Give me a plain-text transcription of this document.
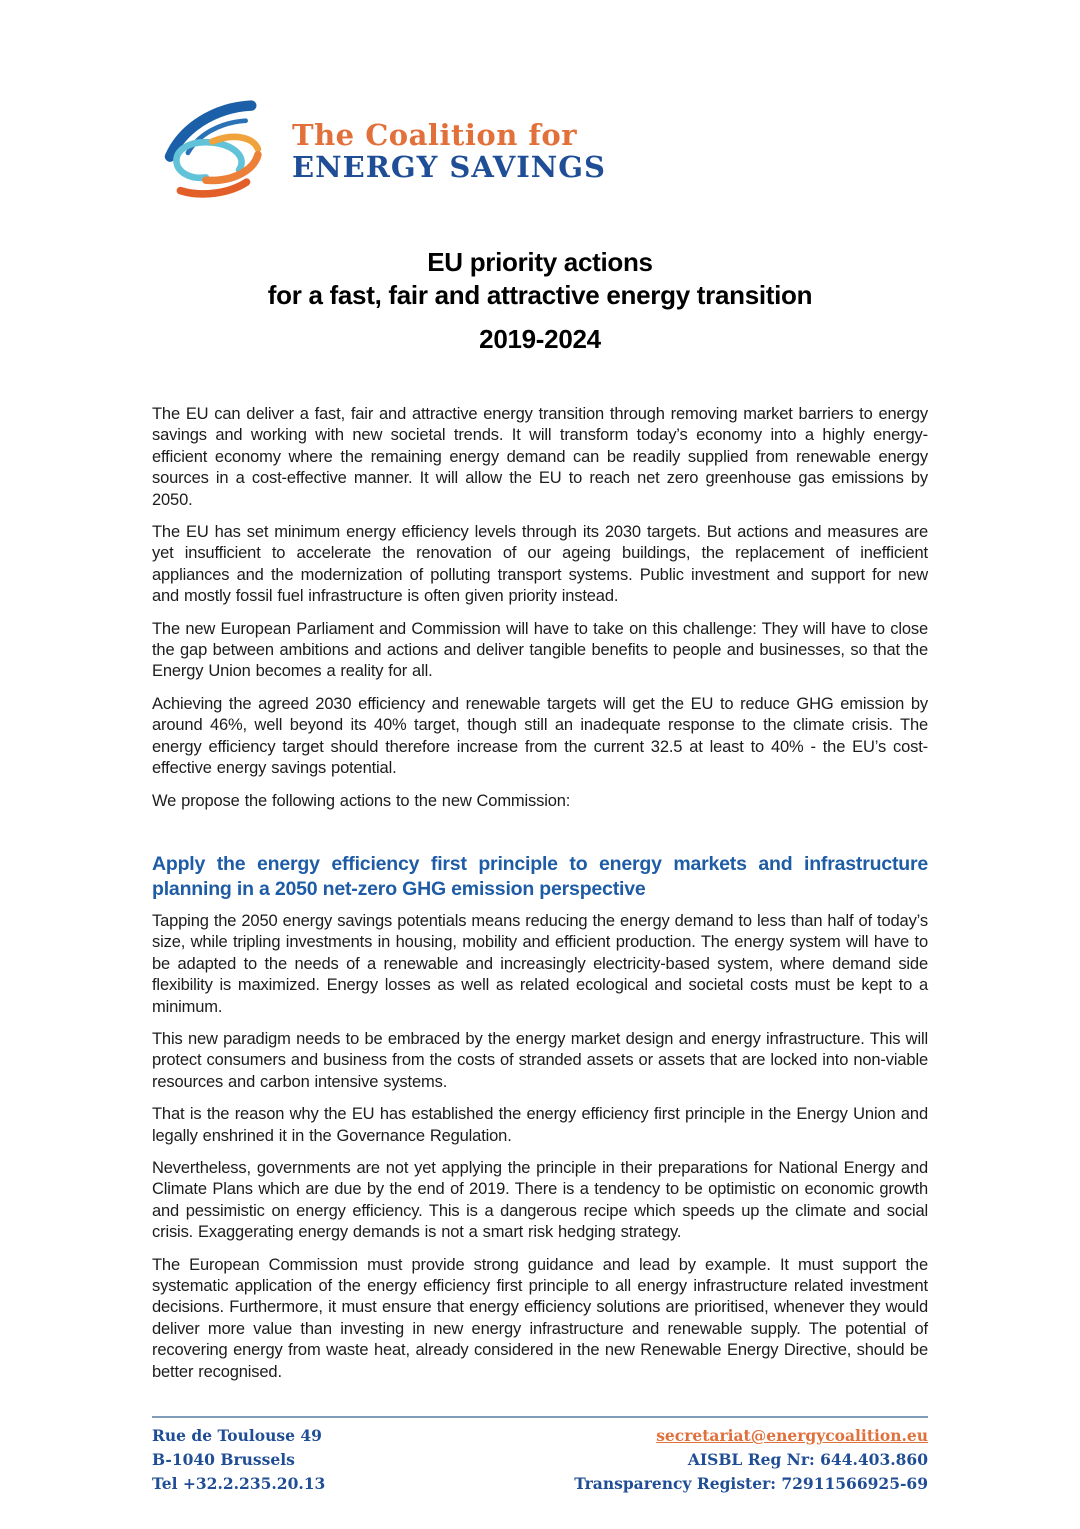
The Coalition for
ENERGY SAVINGS
EU priority actions
for a fast, fair and attractive energy transition
2019-2024

The EU can deliver a fast, fair and attractive energy transition through removing market barriers to energy savings and working with new societal trends. It will transform today’s economy into a highly energy-efficient economy where the remaining energy demand can be readily supplied from renewable energy sources in a cost-effective manner. It will allow the EU to reach net zero greenhouse gas emissions by 2050.

The EU has set minimum energy efficiency levels through its 2030 targets. But actions and measures are yet insufficient to accelerate the renovation of our ageing buildings, the replacement of inefficient appliances and the modernization of polluting transport systems. Public investment and support for new and mostly fossil fuel infrastructure is often given priority instead.

The new European Parliament and Commission will have to take on this challenge: They will have to close the gap between ambitions and actions and deliver tangible benefits to people and businesses, so that the Energy Union becomes a reality for all.

Achieving the agreed 2030 efficiency and renewable targets will get the EU to reduce GHG emission by around 46%, well beyond its 40% target, though still an inadequate response to the climate crisis. The energy efficiency target should therefore increase from the current 32.5 at least to 40% - the EU’s cost-effective energy savings potential.

We propose the following actions to the new Commission:

Apply the energy efficiency first principle to energy markets and infrastructure planning in a 2050 net-zero GHG emission perspective

Tapping the 2050 energy savings potentials means reducing the energy demand to less than half of today’s size, while tripling investments in housing, mobility and efficient production. The energy system will have to be adapted to the needs of a renewable and increasingly electricity-based system, where demand side flexibility is maximized. Energy losses as well as related ecological and societal costs must be kept to a minimum.

This new paradigm needs to be embraced by the energy market design and energy infrastructure. This will protect consumers and business from the costs of stranded assets or assets that are locked into non-viable resources and carbon intensive systems.

That is the reason why the EU has established the energy efficiency first principle in the Energy Union and legally enshrined it in the Governance Regulation.

Nevertheless, governments are not yet applying the principle in their preparations for National Energy and Climate Plans which are due by the end of 2019. There is a tendency to be optimistic on economic growth and pessimistic on energy efficiency. This is a dangerous recipe which speeds up the climate and social crisis. Exaggerating energy demands is not a smart risk hedging strategy.

The European Commission must provide strong guidance and lead by example. It must support the systematic application of the energy efficiency first principle to all energy infrastructure related investment decisions. Furthermore, it must ensure that energy efficiency solutions are prioritised, whenever they would deliver more value than investing in new energy infrastructure and renewable supply. The potential of recovering energy from waste heat, already considered in the new Renewable Energy Directive, should be better recognised.

Rue de Toulouse 49
B-1040 Brussels
Tel +32.2.235.20.13
secretariat@energycoalition.eu
AISBL Reg Nr: 644.403.860
Transparency Register: 72911566925-69
